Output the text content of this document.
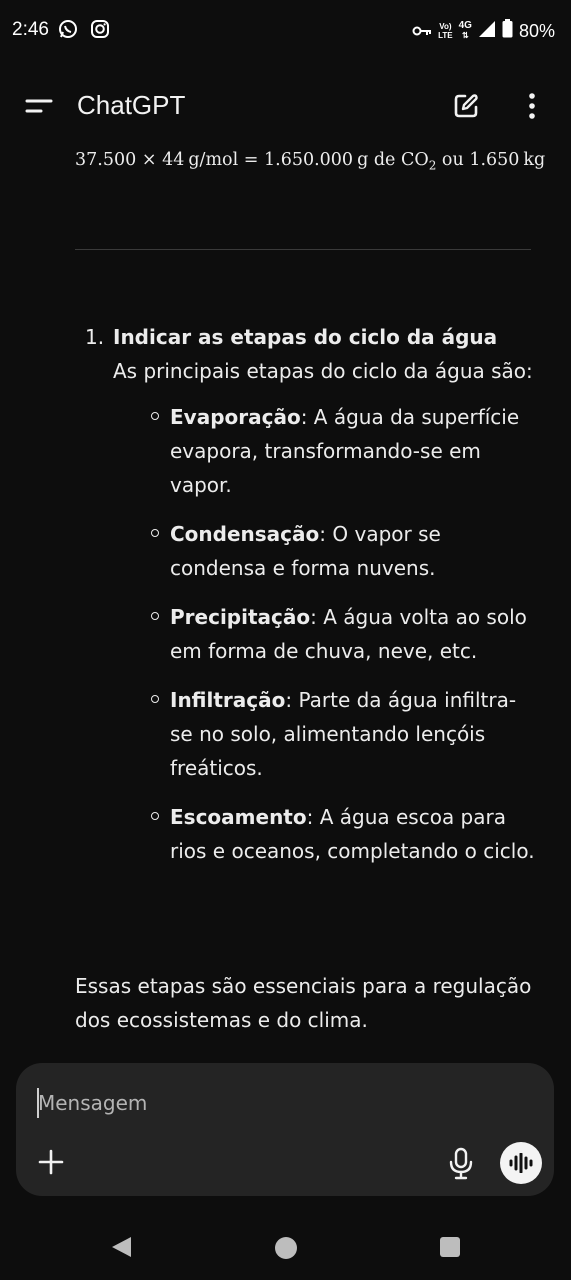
2:46	Vo)
LTE
4G
⇅	80%
ChatGPT
37.500 × 44 g/mol = 1.650.000 g de $CO_2$ ou 1.650 kg
1. Indicar as etapas do ciclo da água
As principais etapas do ciclo da água são:
Evaporação: A água da superfície evapora, transformando-se em vapor.
Condensação: O vapor se condensa e forma nuvens.
Precipitação: A água volta ao solo em forma de chuva, neve, etc.
Infiltração: Parte da água infiltra-se no solo, alimentando lençóis freáticos.
Escoamento: A água escoa para rios e oceanos, completando o ciclo.
Essas etapas são essenciais para a regulação dos ecossistemas e do clima.
Mensagem
